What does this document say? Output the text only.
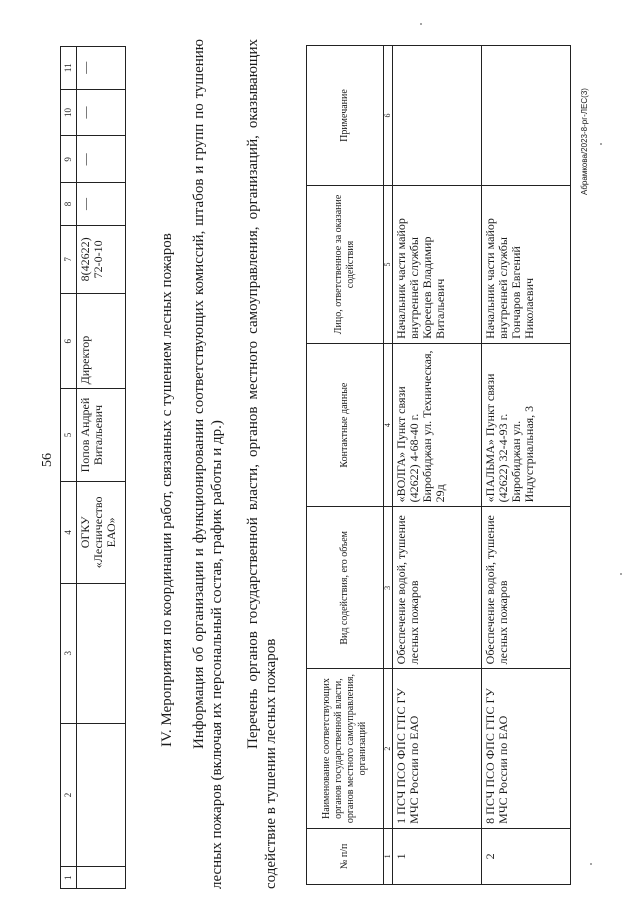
56
1	2	3	4	5	6	7	8	9	10	11
			ОГКУ «Лесничество ЕАО»	Попов Андрей Витальевич	Директор	8(42622) 72-0-10	—	—	—	—
IV. Мероприятия по координации работ, связанных с тушением лесных пожаров Информация об организации и функционировании соответствующих комиссий, штабов и групп по тушению лесных пожаров (включая их персональный состав, график работы и др.) Перечень органов государственной власти, органов местного самоуправления, организаций, оказывающих содействие в тушении лесных пожаров	№ п/п	Наименование соответствующих органов государственной власти, органов местного самоуправления, организаций	Вид содействия, его объем	Контактные данные	Лицо, ответственное за оказание содействия	Примечание
1	2	3	4	5	6
1	1 ПСЧ ПСО ФПС ГПС ГУ МЧС России по ЕАО	Обеспечение водой, тушение лесных пожаров	«ВОЛГА» Пункт связи (42622) 4-68-40 г. Биробиджан ул. Техническая, 29д	Начальник части майор внутренней службы Кореецев Владимир Витальевич	
2	8 ПСЧ ПСО ФПС ГПС ГУ МЧС России по ЕАО	Обеспечение водой, тушение лесных пожаров	«ПАЛЬМА» Пункт связи (42622) 32-4-93 г. Биробиджан ул. Индустриальная, 3	Начальник части майор внутренней службы Гончаров Евгений Николаевич	
Абрамкова/2023-8-рг-ЛЕС(3)
